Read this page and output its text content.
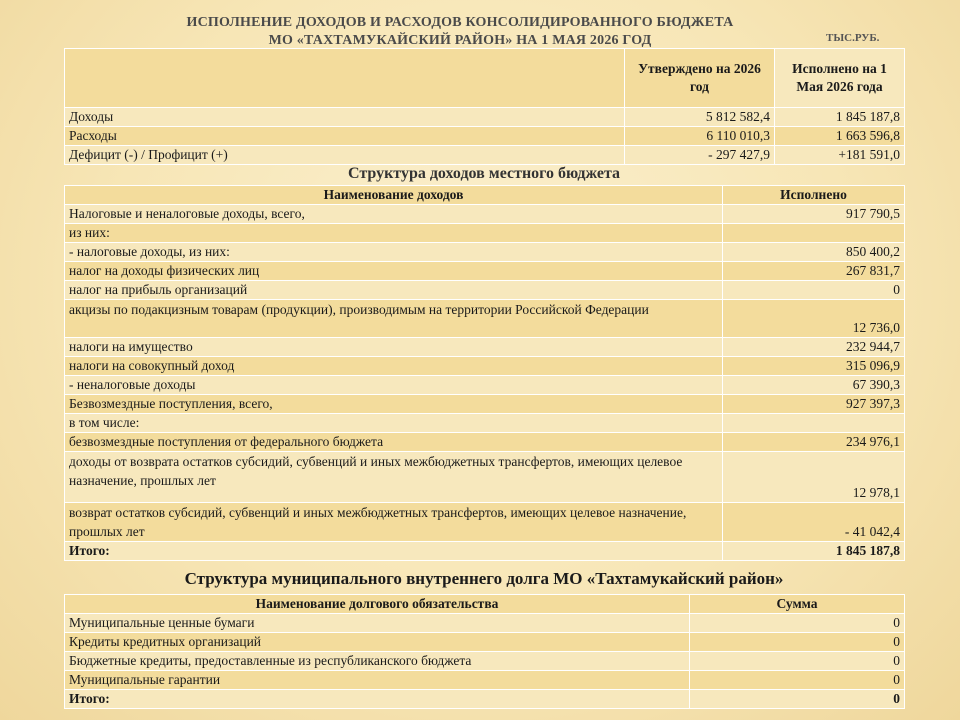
ИСПОЛНЕНИЕ ДОХОДОВ И РАСХОДОВ КОНСОЛИДИРОВАННОГО БЮДЖЕТА
МО «ТАХТАМУКАЙСКИЙ РАЙОН» НА 1 МАЯ 2026 ГОД	ТЫС.РУБ.
	Утверждено на 2026 год	Исполнено на 1 Мая 2026 года
Доходы	5 812 582,4	1 845 187,8
Расходы	6 110 010,3	1 663 596,8
Дефицит (-) / Профицит (+)	- 297 427,9	+181 591,0
Структура доходов местного бюджета
Наименование доходов	Исполнено
Налоговые и неналоговые доходы, всего,	917 790,5
из них:	
- налоговые доходы, из них:	850 400,2
налог на доходы физических лиц	267 831,7
налог на прибыль организаций	0
акцизы по подакцизным товарам (продукции), производимым на территории Российской Федерации	12 736,0
налоги на имущество	232 944,7
налоги на совокупный доход	315 096,9
- неналоговые доходы	67 390,3
Безвозмездные поступления, всего,	927 397,3
в том числе:	
безвозмездные поступления от федерального бюджета	234 976,1
доходы от возврата остатков субсидий, субвенций и иных межбюджетных трансфертов, имеющих целевое назначение, прошлых лет	12 978,1
возврат остатков субсидий, субвенций и иных межбюджетных трансфертов, имеющих целевое назначение, прошлых лет	- 41 042,4
Итого:	1 845 187,8
Структура муниципального внутреннего долга МО «Тахтамукайский район»
Наименование долгового обязательства	Сумма
Муниципальные ценные бумаги	0
Кредиты кредитных организаций	0
Бюджетные кредиты, предоставленные из республиканского бюджета	0
Муниципальные гарантии	0
Итого:	0
